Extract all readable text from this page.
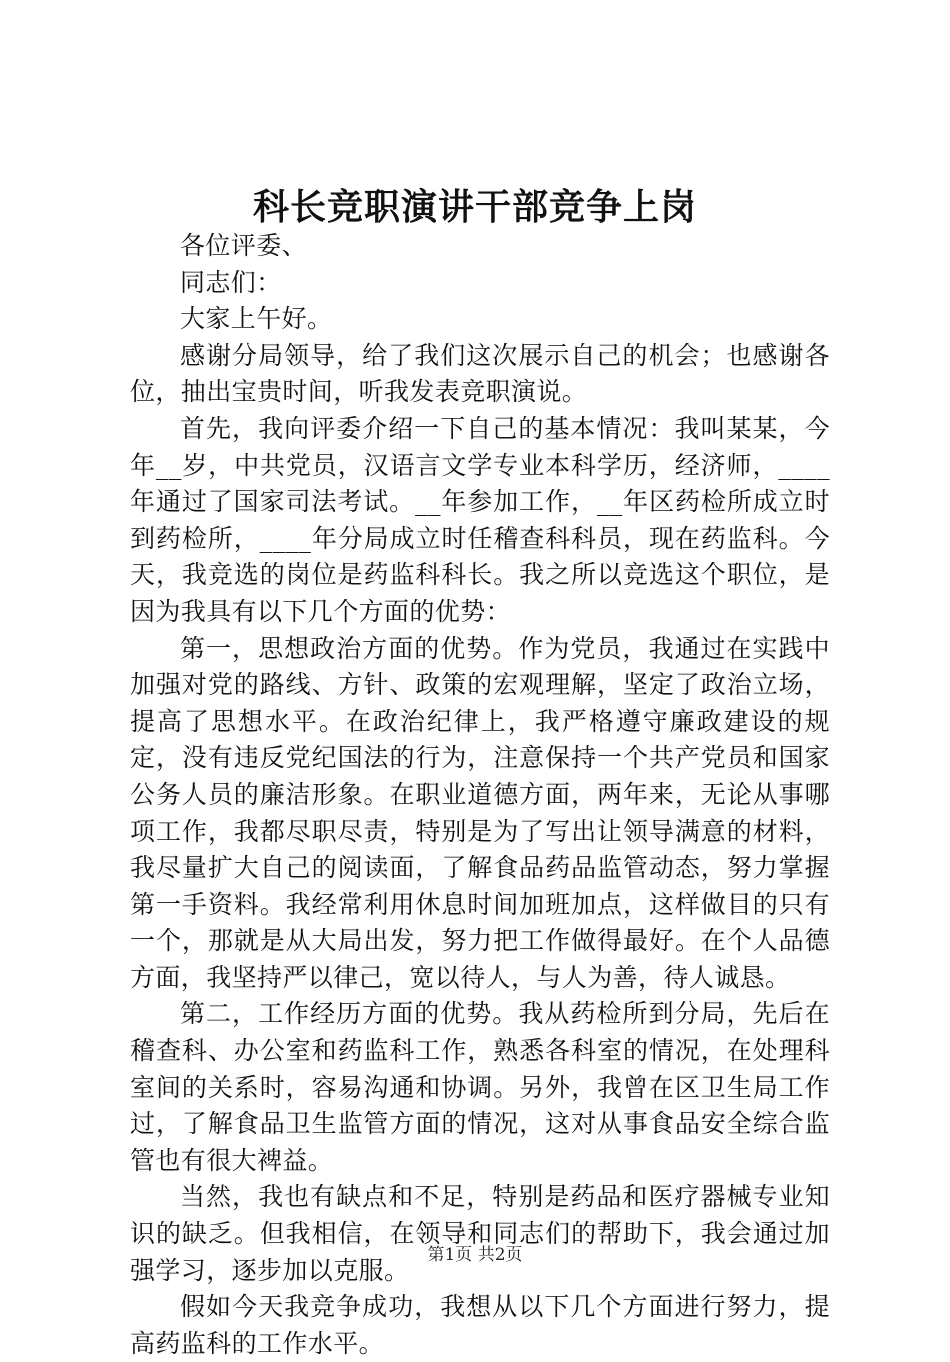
科长竞职演讲干部竞争上岗

各位评委、

同志们：

大家上午好。

感谢分局领导，给了我们这次展示自己的机会；也感谢各位，抽出宝贵时间，听我发表竞职演说。

首先，我向评委介绍一下自己的基本情况：我叫某某，今年__岁，中共党员，汉语言文学专业本科学历，经济师，____年通过了国家司法考试。__年参加工作，__年区药检所成立时到药检所，____年分局成立时任稽查科科员，现在药监科。今天，我竞选的岗位是药监科科长。我之所以竞选这个职位，是因为我具有以下几个方面的优势：

第一，思想政治方面的优势。作为党员，我通过在实践中加强对党的路线、方针、政策的宏观理解，坚定了政治立场，提高了思想水平。在政治纪律上，我严格遵守廉政建设的规定，没有违反党纪国法的行为，注意保持一个共产党员和国家公务人员的廉洁形象。在职业道德方面，两年来，无论从事哪项工作，我都尽职尽责，特别是为了写出让领导满意的材料，我尽量扩大自己的阅读面，了解食品药品监管动态，努力掌握第一手资料。我经常利用休息时间加班加点，这样做目的只有一个，那就是从大局出发，努力把工作做得最好。在个人品德方面，我坚持严以律己，宽以待人，与人为善，待人诚恳。

第二，工作经历方面的优势。我从药检所到分局，先后在稽查科、办公室和药监科工作，熟悉各科室的情况，在处理科室间的关系时，容易沟通和协调。另外，我曾在区卫生局工作过，了解食品卫生监管方面的情况，这对从事食品安全综合监管也有很大裨益。

当然，我也有缺点和不足，特别是药品和医疗器械专业知识的缺乏。但我相信，在领导和同志们的帮助下，我会通过加强学习，逐步加以克服。

假如今天我竞争成功，我想从以下几个方面进行努力，提高药监科的工作水平。

第1页 共2页
